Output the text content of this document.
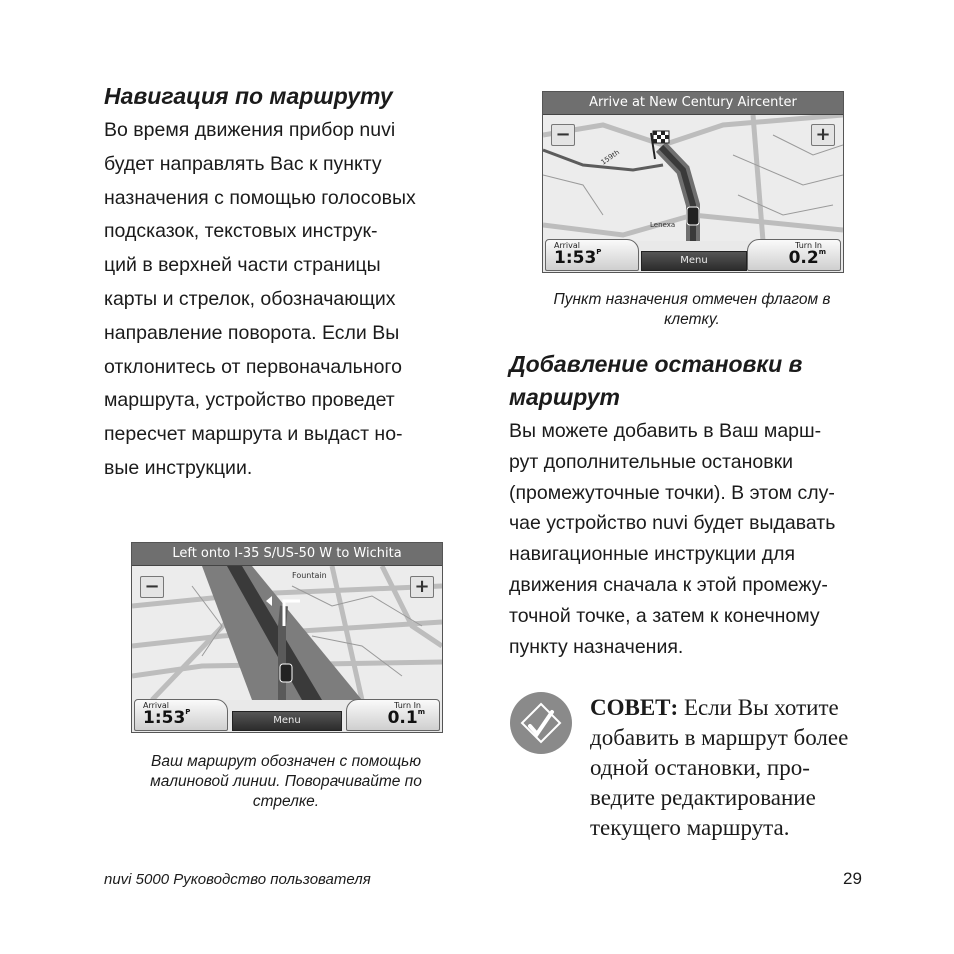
Навигация по маршруту
Во время движения прибор nuvi
будет направлять Вас к пункту
назначения с помощью голосовых
подсказок, текстовых инструк-
ций в верхней части страницы
карты и стрелок, обозначающих
направление поворота. Если Вы
отклонитесь от первоначального
маршрута, устройство проведет
пересчет маршрута и выдаст но-
вые инструкции.
Left onto I-35 S/US-50 W to Wichita
Fountain
−	+
Arrival
$1:53^P$
Menu
Turn In
0.1$^m$
Ваш маршрут обозначен с помощью
малиновой линии. Поворачивайте по
стрелке.
Arrive at New Century Aircenter
159th
Lenexa
−	+
Arrival
$1:53^P$
Menu
Turn In
0.2$^m$
Пункт назначения отмечен флагом в
клетку.
Добавление остановки в
маршрут
Вы можете добавить в Ваш марш-
рут дополнительные остановки
(промежуточные точки). В этом слу-
чае устройство nuvi будет выдавать
навигационные инструкции для
движения сначала к этой промежу-
точной точке, а затем к конечному
пункту назначения.
СОВЕТ: Если Вы хотите
добавить в маршрут более
одной остановки, про-
ведите редактирование
текущего маршрута.
nuvi 5000 Руководство пользователя	29
